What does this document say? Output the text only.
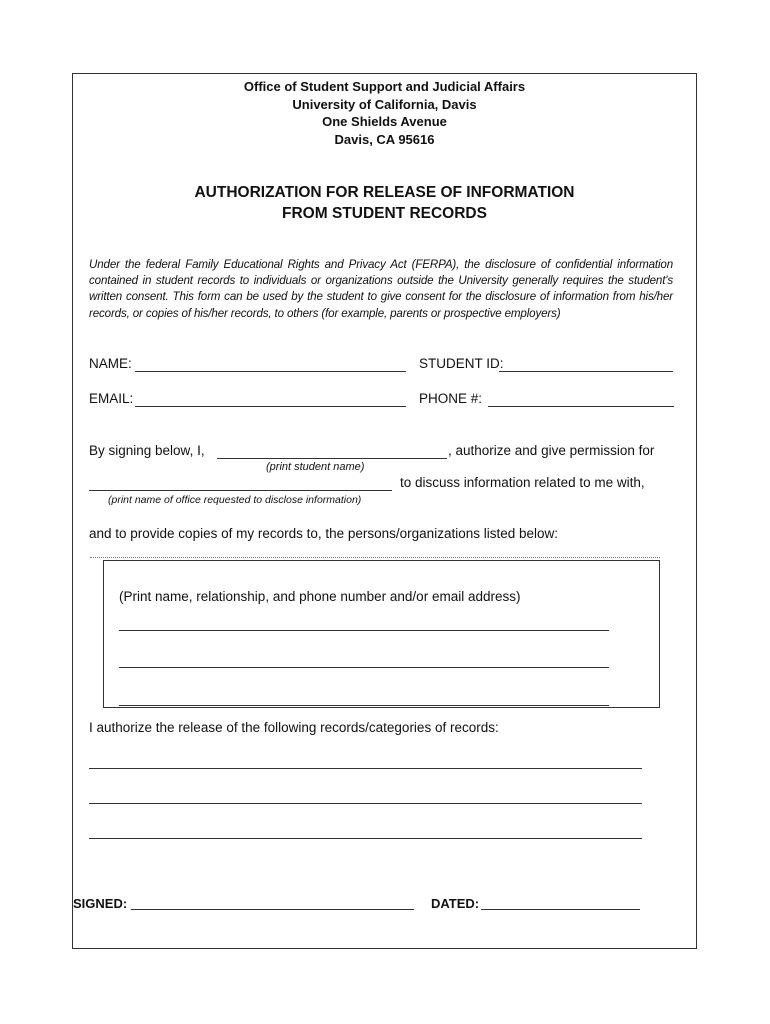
Office of Student Support and Judicial Affairs
University of California, Davis
One Shields Avenue
Davis, CA 95616
AUTHORIZATION FOR RELEASE OF INFORMATION
FROM STUDENT RECORDS
Under the federal Family Educational Rights and Privacy Act (FERPA), the disclosure of confidential information contained in student records to individuals or organizations outside the University generally requires the student's written consent. This form can be used by the student to give consent for the disclosure of information from his/her records, or copies of his/her records, to others (for example, parents or prospective employers)
NAME:	STUDENT ID:
EMAIL:	PHONE #:
By signing below, I,	, authorize and give permission for
(print student name)
to discuss information related to me with,
(print name of office requested to disclose information)
and to provide copies of my records to, the persons/organizations listed below:
(Print name, relationship, and phone number and/or email address)
I authorize the release of the following records/categories of records:
SIGNED:	DATED:
